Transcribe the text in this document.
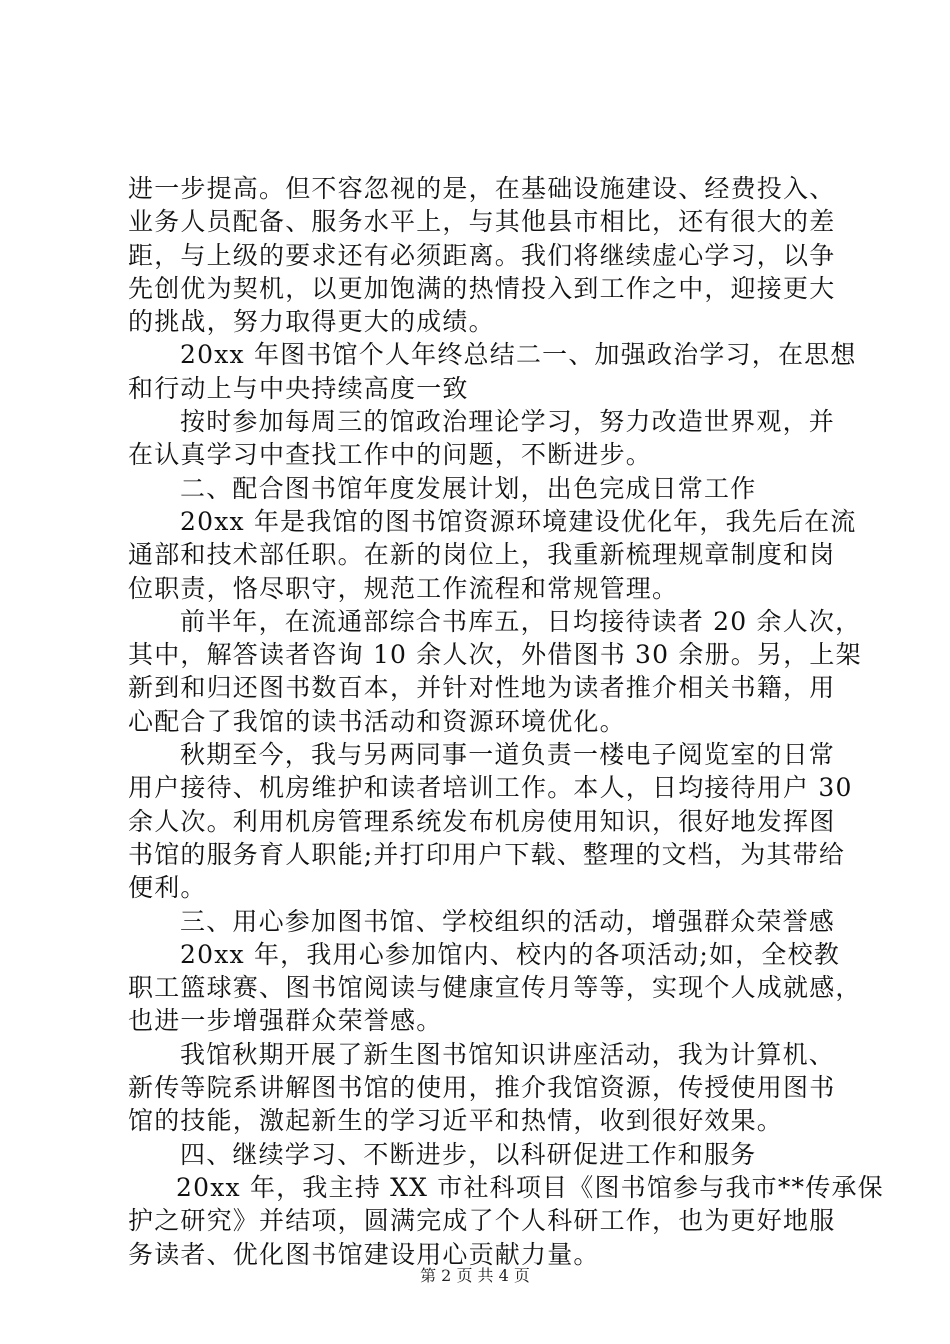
进一步提高。但不容忽视的是，在基础设施建设、经费投入、
业务人员配备、服务水平上，与其他县市相比，还有很大的差
距，与上级的要求还有必须距离。我们将继续虚心学习，以争
先创优为契机，以更加饱满的热情投入到工作之中，迎接更大
的挑战，努力取得更大的成绩。
20xx 年图书馆个人年终总结二一、加强政治学习，在思想
和行动上与中央持续高度一致
按时参加每周三的馆政治理论学习，努力改造世界观，并
在认真学习中查找工作中的问题，不断进步。
二、配合图书馆年度发展计划，出色完成日常工作
20xx 年是我馆的图书馆资源环境建设优化年，我先后在流
通部和技术部任职。在新的岗位上，我重新梳理规章制度和岗
位职责，恪尽职守，规范工作流程和常规管理。
前半年，在流通部综合书库五，日均接待读者 20 余人次，
其中，解答读者咨询 10 余人次，外借图书 30 余册。另，上架
新到和归还图书数百本，并针对性地为读者推介相关书籍，用
心配合了我馆的读书活动和资源环境优化。
秋期至今，我与另两同事一道负责一楼电子阅览室的日常
用户接待、机房维护和读者培训工作。本人，日均接待用户 30
余人次。利用机房管理系统发布机房使用知识，很好地发挥图
书馆的服务育人职能;并打印用户下载、整理的文档，为其带给
便利。
三、用心参加图书馆、学校组织的活动，增强群众荣誉感
20xx 年，我用心参加馆内、校内的各项活动;如，全校教
职工篮球赛、图书馆阅读与健康宣传月等等，实现个人成就感，
也进一步增强群众荣誉感。
我馆秋期开展了新生图书馆知识讲座活动，我为计算机、
新传等院系讲解图书馆的使用，推介我馆资源，传授使用图书
馆的技能，激起新生的学习近平和热情，收到很好效果。
四、继续学习、不断进步，以科研促进工作和服务
20xx 年，我主持 XX 市社科项目《图书馆参与我市**传承保
护之研究》并结项，圆满完成了个人科研工作，也为更好地服
务读者、优化图书馆建设用心贡献力量。
第 2 页 共 4 页
